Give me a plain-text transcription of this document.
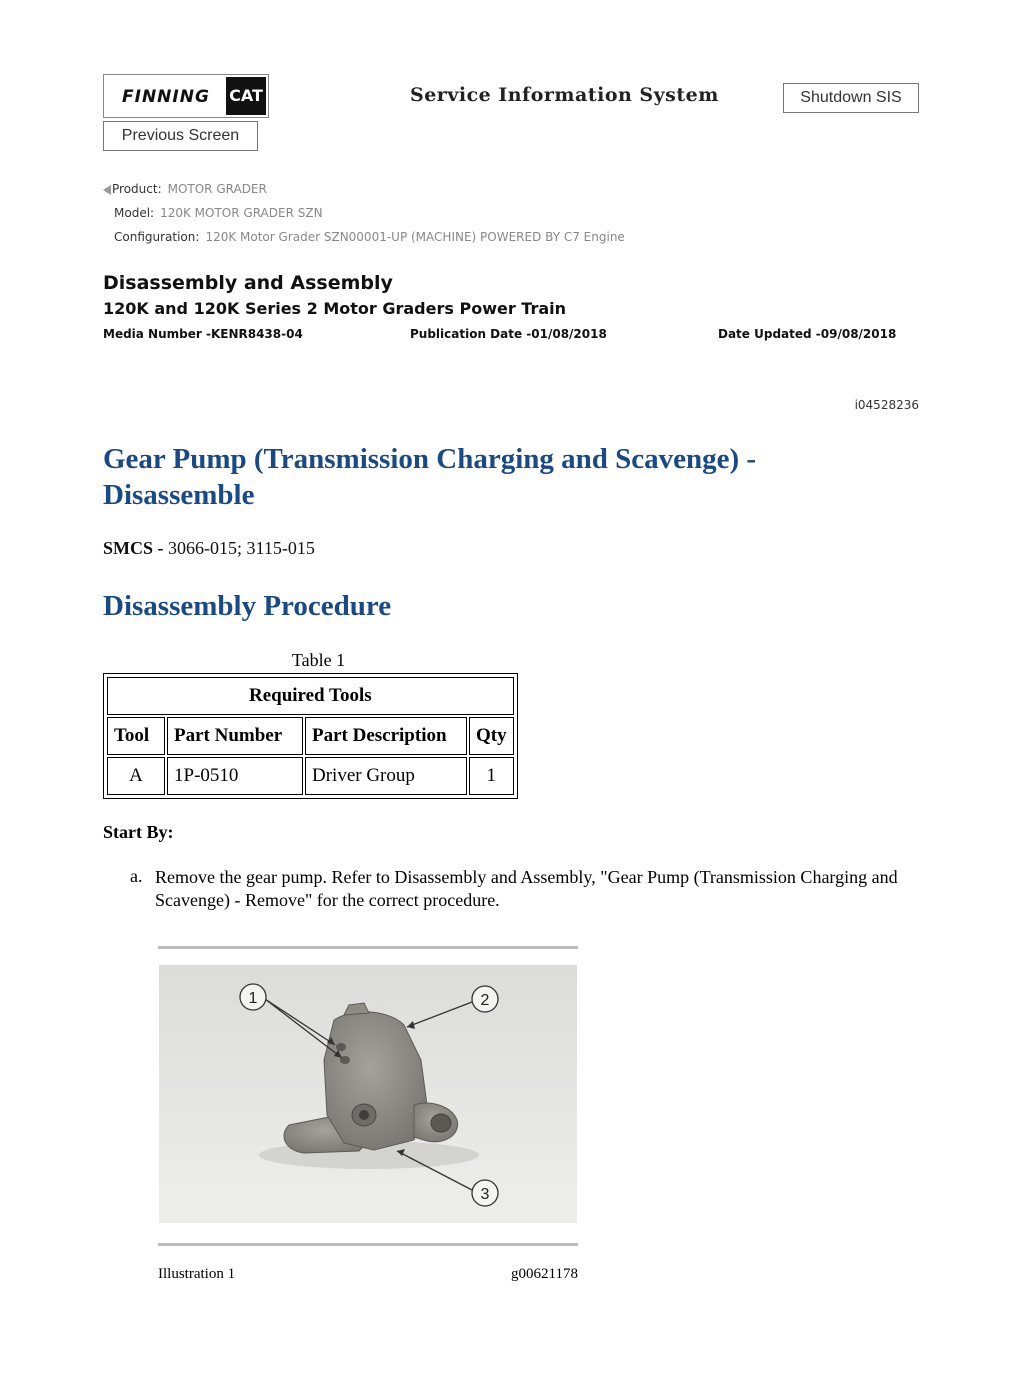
FINNING CAT	Service Information System	Shutdown SIS
Previous Screen
Product: MOTOR GRADER
Model: 120K MOTOR GRADER SZN
Configuration: 120K Motor Grader SZN00001-UP (MACHINE) POWERED BY C7 Engine
Disassembly and Assembly
120K and 120K Series 2 Motor Graders Power Train
Media Number -KENR8438-04	Publication Date -01/08/2018	Date Updated -09/08/2018
i04528236
Gear Pump (Transmission Charging and Scavenge) - Disassemble
SMCS - 3066-015; 3115-015
Disassembly Procedure
Table 1
Required Tools			
Tool	Part Number	Part Description	Qty
A	1P-0510	Driver Group	1
Start By:
a. Remove the gear pump. Refer to Disassembly and Assembly, "Gear Pump (Transmission Charging and Scavenge) - Remove" for the correct procedure.
1	2
3
Illustration 1	g00621178
